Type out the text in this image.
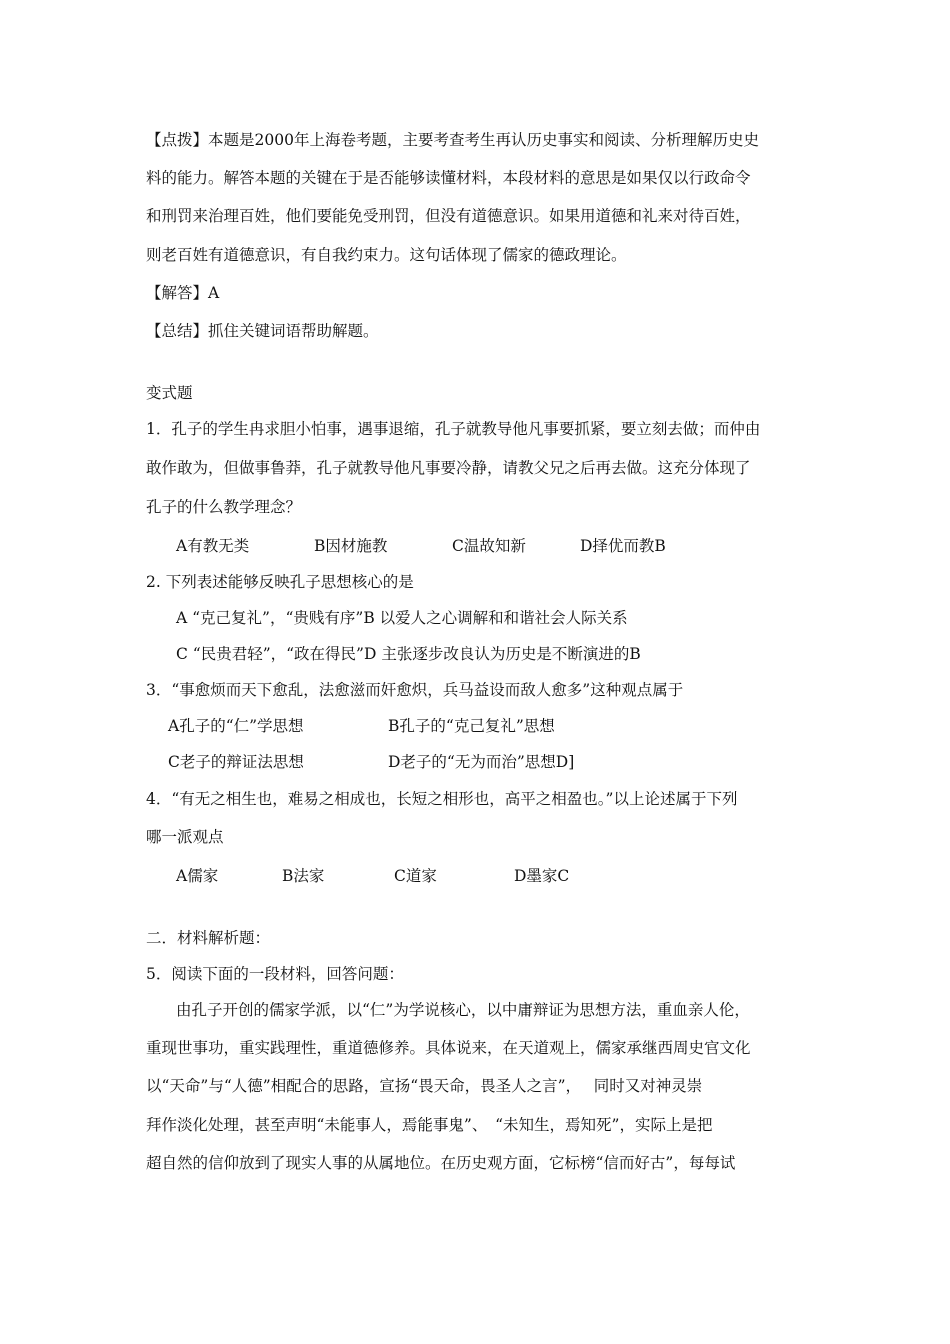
【点拨】本题是2000年上海卷考题，主要考查考生再认历史事实和阅读、分析理解历史史
料的能力。解答本题的关键在于是否能够读懂材料，本段材料的意思是如果仅以行政命令
和刑罚来治理百姓，他们要能免受刑罚，但没有道德意识。如果用道德和礼来对待百姓，
则老百姓有道德意识，有自我约束力。这句话体现了儒家的德政理论。
【解答】A
【总结】抓住关键词语帮助解题。
变式题
1．孔子的学生冉求胆小怕事，遇事退缩，孔子就教导他凡事要抓紧，要立刻去做；而仲由
敢作敢为，但做事鲁莽，孔子就教导他凡事要冷静，请教父兄之后再去做。这充分体现了
孔子的什么教学理念？
A有教无类	B因材施教	C温故知新	D择优而教B
2. 下列表述能够反映孔子思想核心的是
A “克己复礼”，“贵贱有序”B 以爱人之心调解和和谐社会人际关系
C “民贵君轻”，“政在得民”D 主张逐步改良认为历史是不断演进的B
3．“事愈烦而天下愈乱，法愈滋而奸愈炽，兵马益设而敌人愈多”这种观点属于
A孔子的“仁”学思想	B孔子的“克己复礼”思想
C老子的辩证法思想	D老子的“无为而治”思想D]
4．“有无之相生也，难易之相成也，长短之相形也，高平之相盈也。”以上论述属于下列
哪一派观点
A儒家	B法家	C道家	D墨家C
二．材料解析题：
5．阅读下面的一段材料，回答问题：
由孔子开创的儒家学派，以“仁”为学说核心，以中庸辩证为思想方法，重血亲人伦，
重现世事功，重实践理性，重道德修养。具体说来，在天道观上，儒家承继西周史官文化
以“天命”与“人德”相配合的思路，宣扬“畏天命，畏圣人之言”，　 同时又对神灵崇
拜作淡化处理，甚至声明“未能事人，焉能事鬼”、　“未知生，焉知死”，实际上是把
超自然的信仰放到了现实人事的从属地位。在历史观方面，它标榜“信而好古”，每每试
